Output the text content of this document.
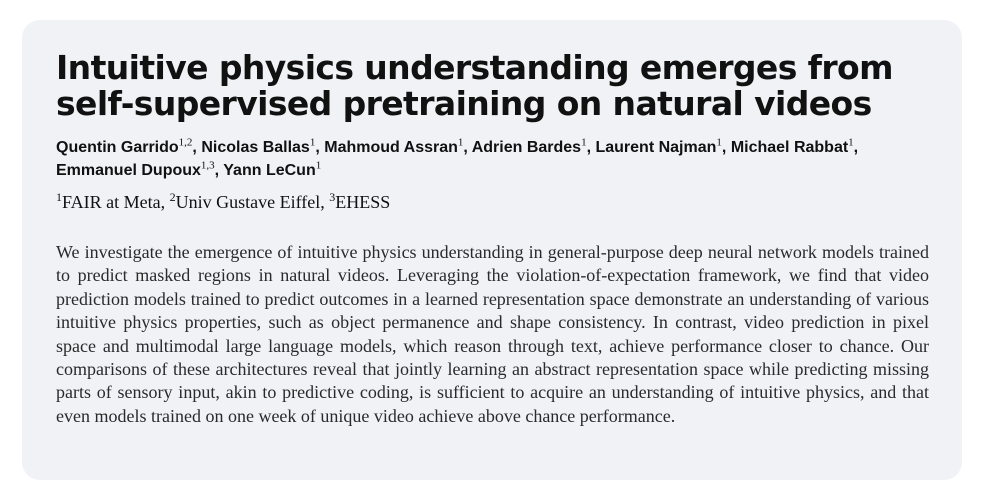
Intuitive physics understanding emerges from
self-supervised pretraining on natural videos
Quentin Garrido$^{1,2}$, Nicolas Ballas$^1$, Mahmoud Assran$^1$, Adrien Bardes$^1$, Laurent Najman$^1$, Michael Rabbat$^1$, Emmanuel Dupoux$^{1,3}$, Yann LeCun$^1$
$^1$FAIR at Meta, $^2$Univ Gustave Eiffel, $^3$EHESS

We investigate the emergence of intuitive physics understanding in general-purpose deep neural network models trained to predict masked regions in natural videos. Leveraging the violation-of-expectation framework, we find that video prediction models trained to predict outcomes in a learned representation space demonstrate an understanding of various intuitive physics properties, such as object permanence and shape consistency. In contrast, video prediction in pixel space and multimodal large language models, which reason through text, achieve performance closer to chance. Our comparisons of these architectures reveal that jointly learning an abstract representation space while predicting missing parts of sensory input, akin to predictive coding, is sufficient to acquire an understanding of intuitive physics, and that even models trained on one week of unique video achieve above chance performance.
